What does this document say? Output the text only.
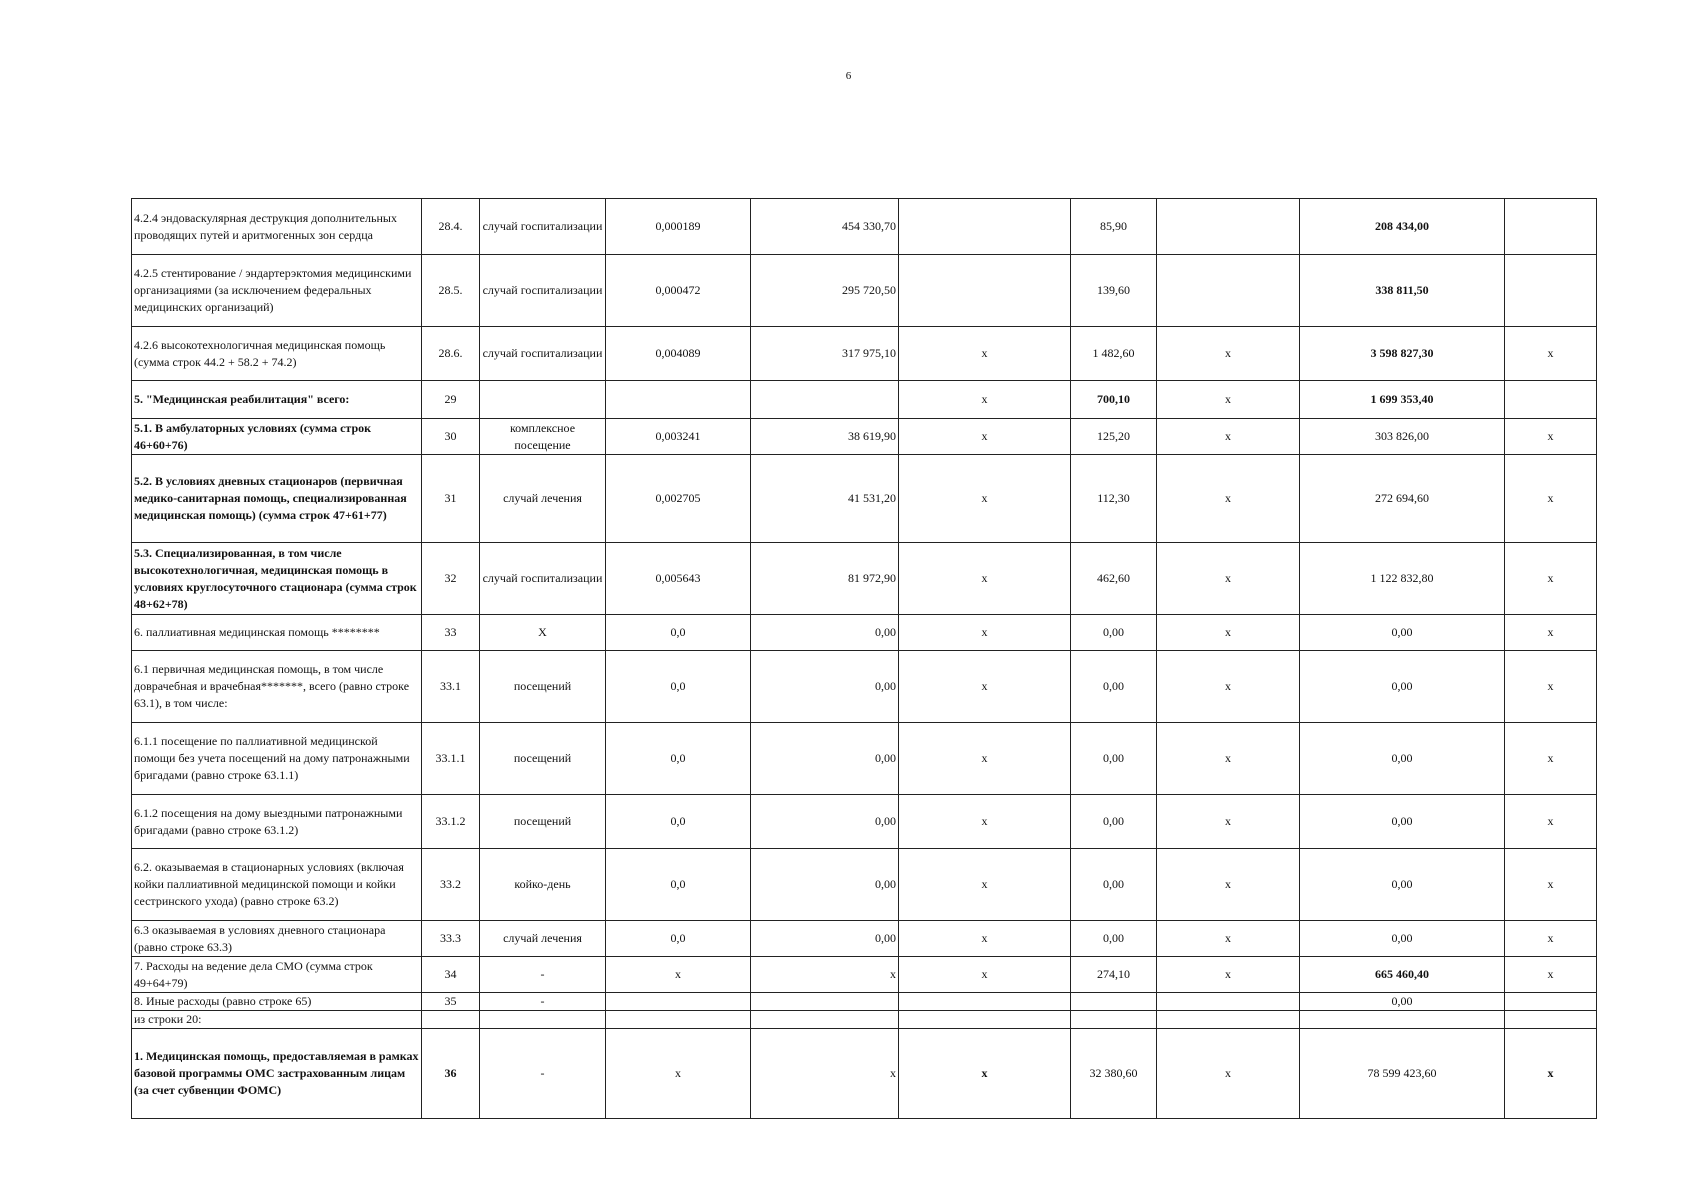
6
4.2.4 эндоваскулярная деструкция дополнительных проводящих путей и аритмогенных зон сердца	28.4.	случай госпитализации	0,000189	454 330,70		85,90		208 434,00	
4.2.5 стентирование / эндартерэктомия медицинскими организациями (за исключением федеральных медицинских организаций)	28.5.	случай госпитализации	0,000472	295 720,50		139,60		338 811,50	
4.2.6 высокотехнологичная медицинская помощь (сумма строк 44.2 + 58.2 + 74.2)	28.6.	случай госпитализации	0,004089	317 975,10	х	1 482,60	х	3 598 827,30	х
5. "Медицинская реабилитация" всего:	29				х	700,10	х	1 699 353,40	
5.1. В амбулаторных условиях (сумма строк 46+60+76)	30	комплексное посещение	0,003241	38 619,90	х	125,20	х	303 826,00	х
5.2. В условиях дневных стационаров (первичная медико-санитарная помощь, специализированная медицинская помощь) (сумма строк 47+61+77)	31	случай лечения	0,002705	41 531,20	х	112,30	х	272 694,60	х
5.3. Специализированная, в том числе высокотехнологичная, медицинская помощь в условиях круглосуточного стационара (сумма строк 48+62+78)	32	случай госпитализации	0,005643	81 972,90	х	462,60	х	1 122 832,80	х
6. паллиативная медицинская помощь ********	33	Х	0,0	0,00	х	0,00	х	0,00	х
6.1 первичная медицинская помощь, в том числе доврачебная и врачебная*******, всего (равно строке 63.1), в том числе:	33.1	посещений	0,0	0,00	х	0,00	х	0,00	х
6.1.1 посещение по паллиативной медицинской помощи без учета посещений на дому патронажными бригадами (равно строке 63.1.1)	33.1.1	посещений	0,0	0,00	х	0,00	х	0,00	х
6.1.2 посещения на дому выездными патронажными бригадами (равно строке 63.1.2)	33.1.2	посещений	0,0	0,00	х	0,00	х	0,00	х
6.2. оказываемая в стационарных условиях (включая койки паллиативной медицинской помощи и койки сестринского ухода) (равно строке 63.2)	33.2	койко-день	0,0	0,00	х	0,00	х	0,00	х
6.3 оказываемая в условиях дневного стационара (равно строке 63.3)	33.3	случай лечения	0,0	0,00	х	0,00	х	0,00	х
7. Расходы на ведение дела СМО (сумма строк 49+64+79)	34	-	х	х	х	274,10	х	665 460,40	х
8. Иные расходы (равно строке 65)	35	-						0,00	
из строки 20:									
1. Медицинская помощь, предоставляемая в рамках базовой программы ОМС застрахованным лицам (за счет субвенции ФОМС)	36	-	х	х	х	32 380,60	х	78 599 423,60	х
